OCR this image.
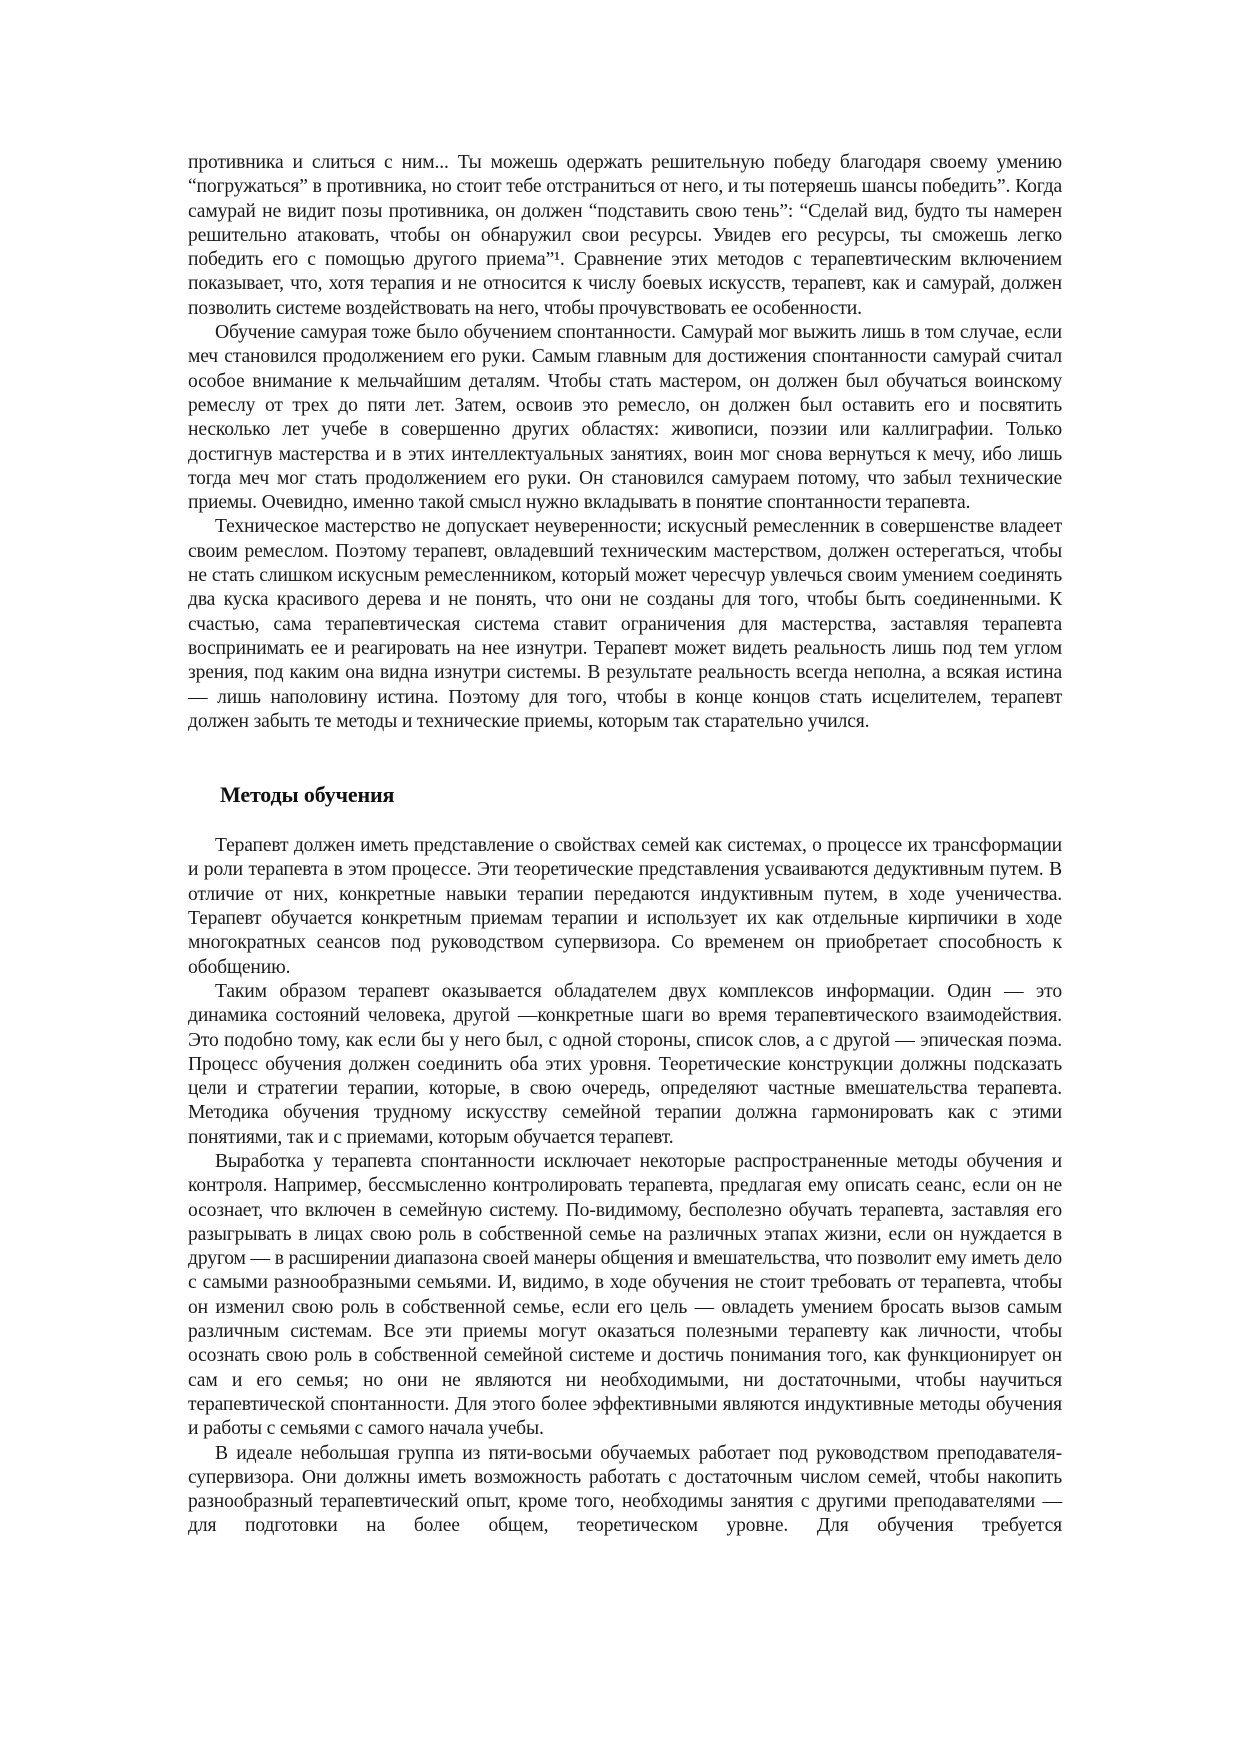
противника и слиться с ним... Ты можешь одержать решительную победу благодаря своему умению “погружаться” в противника, но стоит тебе отстраниться от него, и ты потеряешь шансы победить”. Когда самурай не видит позы противника, он должен “подставить свою тень”: “Сделай вид, будто ты намерен решительно атаковать, чтобы он обнаружил свои ресурсы. Увидев его ресурсы, ты сможешь легко победить его с помощью другого приема”¹. Сравнение этих методов с терапевтическим включением показывает, что, хотя терапия и не относится к числу боевых искусств, терапевт, как и самурай, должен позволить системе воздействовать на него, чтобы прочувствовать ее особенности.

Обучение самурая тоже было обучением спонтанности. Самурай мог выжить лишь в том случае, если меч становился продолжением его руки. Самым главным для достижения спонтанности самурай считал особое внимание к мельчайшим деталям. Чтобы стать мастером, он должен был обучаться воинскому ремеслу от трех до пяти лет. Затем, освоив это ремесло, он должен был оставить его и посвятить несколько лет учебе в совершенно других областях: живописи, поэзии или каллиграфии. Только достигнув мастерства и в этих интеллектуальных занятиях, воин мог снова вернуться к мечу, ибо лишь тогда меч мог стать продолжением его руки. Он становился самураем потому, что забыл технические приемы. Очевидно, именно такой смысл нужно вкладывать в понятие спонтанности терапевта.

Техническое мастерство не допускает неуверенности; искусный ремесленник в совершенстве владеет своим ремеслом. Поэтому терапевт, овладевший техническим мастерством, должен остерегаться, чтобы не стать слишком искусным ремесленником, который может чересчур увлечься своим умением соединять два куска красивого дерева и не понять, что они не созданы для того, чтобы быть соединенными. К счастью, сама терапевтическая система ставит ограничения для мастерства, заставляя терапевта воспринимать ее и реагировать на нее изнутри. Терапевт может видеть реальность лишь под тем углом зрения, под каким она видна изнутри системы. В результате реальность всегда неполна, а всякая истина — лишь наполовину истина. Поэтому для того, чтобы в конце концов стать исцелителем, терапевт должен забыть те методы и технические приемы, которым так старательно учился.

Методы обучения

Терапевт должен иметь представление о свойствах семей как системах, о процессе их трансформации и роли терапевта в этом процессе. Эти теоретические представления усваиваются дедуктивным путем. В отличие от них, конкретные навыки терапии передаются индуктивным путем, в ходе ученичества. Терапевт обучается конкретным приемам терапии и использует их как отдельные кирпичики в ходе многократных сеансов под руководством супервизора. Со временем он приобретает способность к обобщению.

Таким образом терапевт оказывается обладателем двух комплексов информации. Один — это динамика состояний человека, другой —конкретные шаги во время терапевтического взаимодействия. Это подобно тому, как если бы у него был, с одной стороны, список слов, а с другой — эпическая поэма. Процесс обучения должен соединить оба этих уровня. Теоретические конструкции должны подсказать цели и стратегии терапии, которые, в свою очередь, определяют частные вмешательства терапевта. Методика обучения трудному искусству семейной терапии должна гармонировать как с этими понятиями, так и с приемами, которым обучается терапевт.

Выработка у терапевта спонтанности исключает некоторые распространенные методы обучения и контроля. Например, бессмысленно контролировать терапевта, предлагая ему описать сеанс, если он не осознает, что включен в семейную систему. По-видимому, бесполезно обучать терапевта, заставляя его разыгрывать в лицах свою роль в собственной семье на различных этапах жизни, если он нуждается в другом — в расширении диапазона своей манеры общения и вмешательства, что позволит ему иметь дело с самыми разнообразными семьями. И, видимо, в ходе обучения не стоит требовать от терапевта, чтобы он изменил свою роль в собственной семье, если его цель — овладеть умением бросать вызов самым различным системам. Все эти приемы могут оказаться полезными терапевту как личности, чтобы осознать свою роль в собственной семейной системе и достичь понимания того, как функционирует он сам и его семья; но они не являются ни необходимыми, ни достаточными, чтобы научиться терапевтической спонтанности. Для этого более эффективными являются индуктивные методы обучения и работы с семьями с самого начала учебы.

В идеале небольшая группа из пяти-восьми обучаемых работает под руководством преподавателя-супервизора. Они должны иметь возможность работать с достаточным числом семей, чтобы накопить разнообразный терапевтический опыт, кроме того, необходимы занятия с другими преподавателями — для подготовки на более общем, теоретическом уровне. Для обучения требуется
